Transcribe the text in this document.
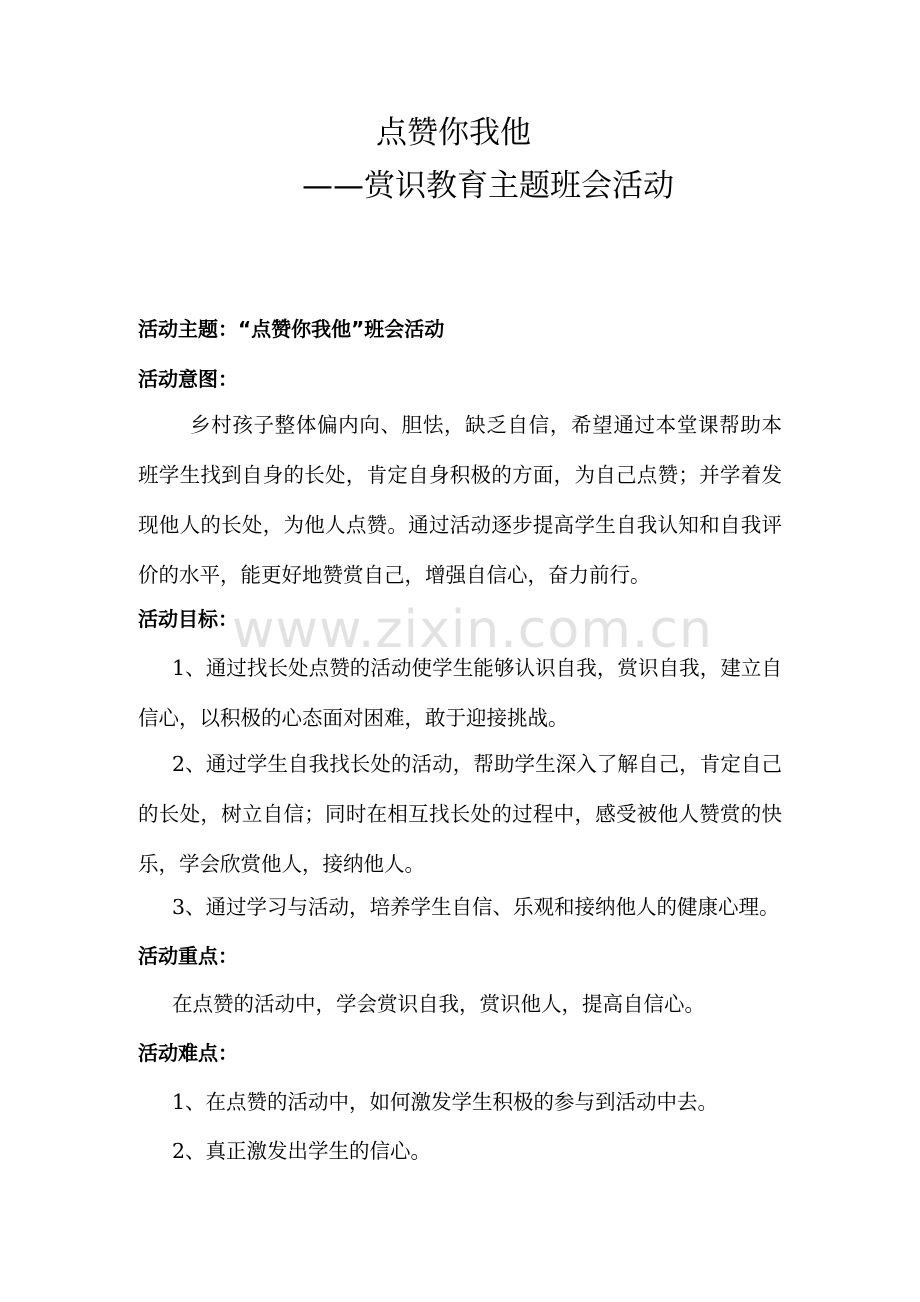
点赞你我他
——赏识教育主题班会活动
活动主题：“点赞你我他”班会活动
活动意图：

乡村孩子整体偏内向、胆怯，缺乏自信，希望通过本堂课帮助本班学生找到自身的长处，肯定自身积极的方面，为自己点赞；并学着发现他人的长处，为他人点赞。通过活动逐步提高学生自我认知和自我评价的水平，能更好地赞赏自己，增强自信心，奋力前行。

www.zixin.com.cn
活动目标：

1、通过找长处点赞的活动使学生能够认识自我，赏识自我，建立自信心，以积极的心态面对困难，敢于迎接挑战。

2、通过学生自我找长处的活动，帮助学生深入了解自己，肯定自己的长处，树立自信；同时在相互找长处的过程中，感受被他人赞赏的快乐，学会欣赏他人，接纳他人。

3、通过学习与活动，培养学生自信、乐观和接纳他人的健康心理。
活动重点：
在点赞的活动中，学会赏识自我，赏识他人，提高自信心。
活动难点：
1、在点赞的活动中，如何激发学生积极的参与到活动中去。
2、真正激发出学生的信心。
